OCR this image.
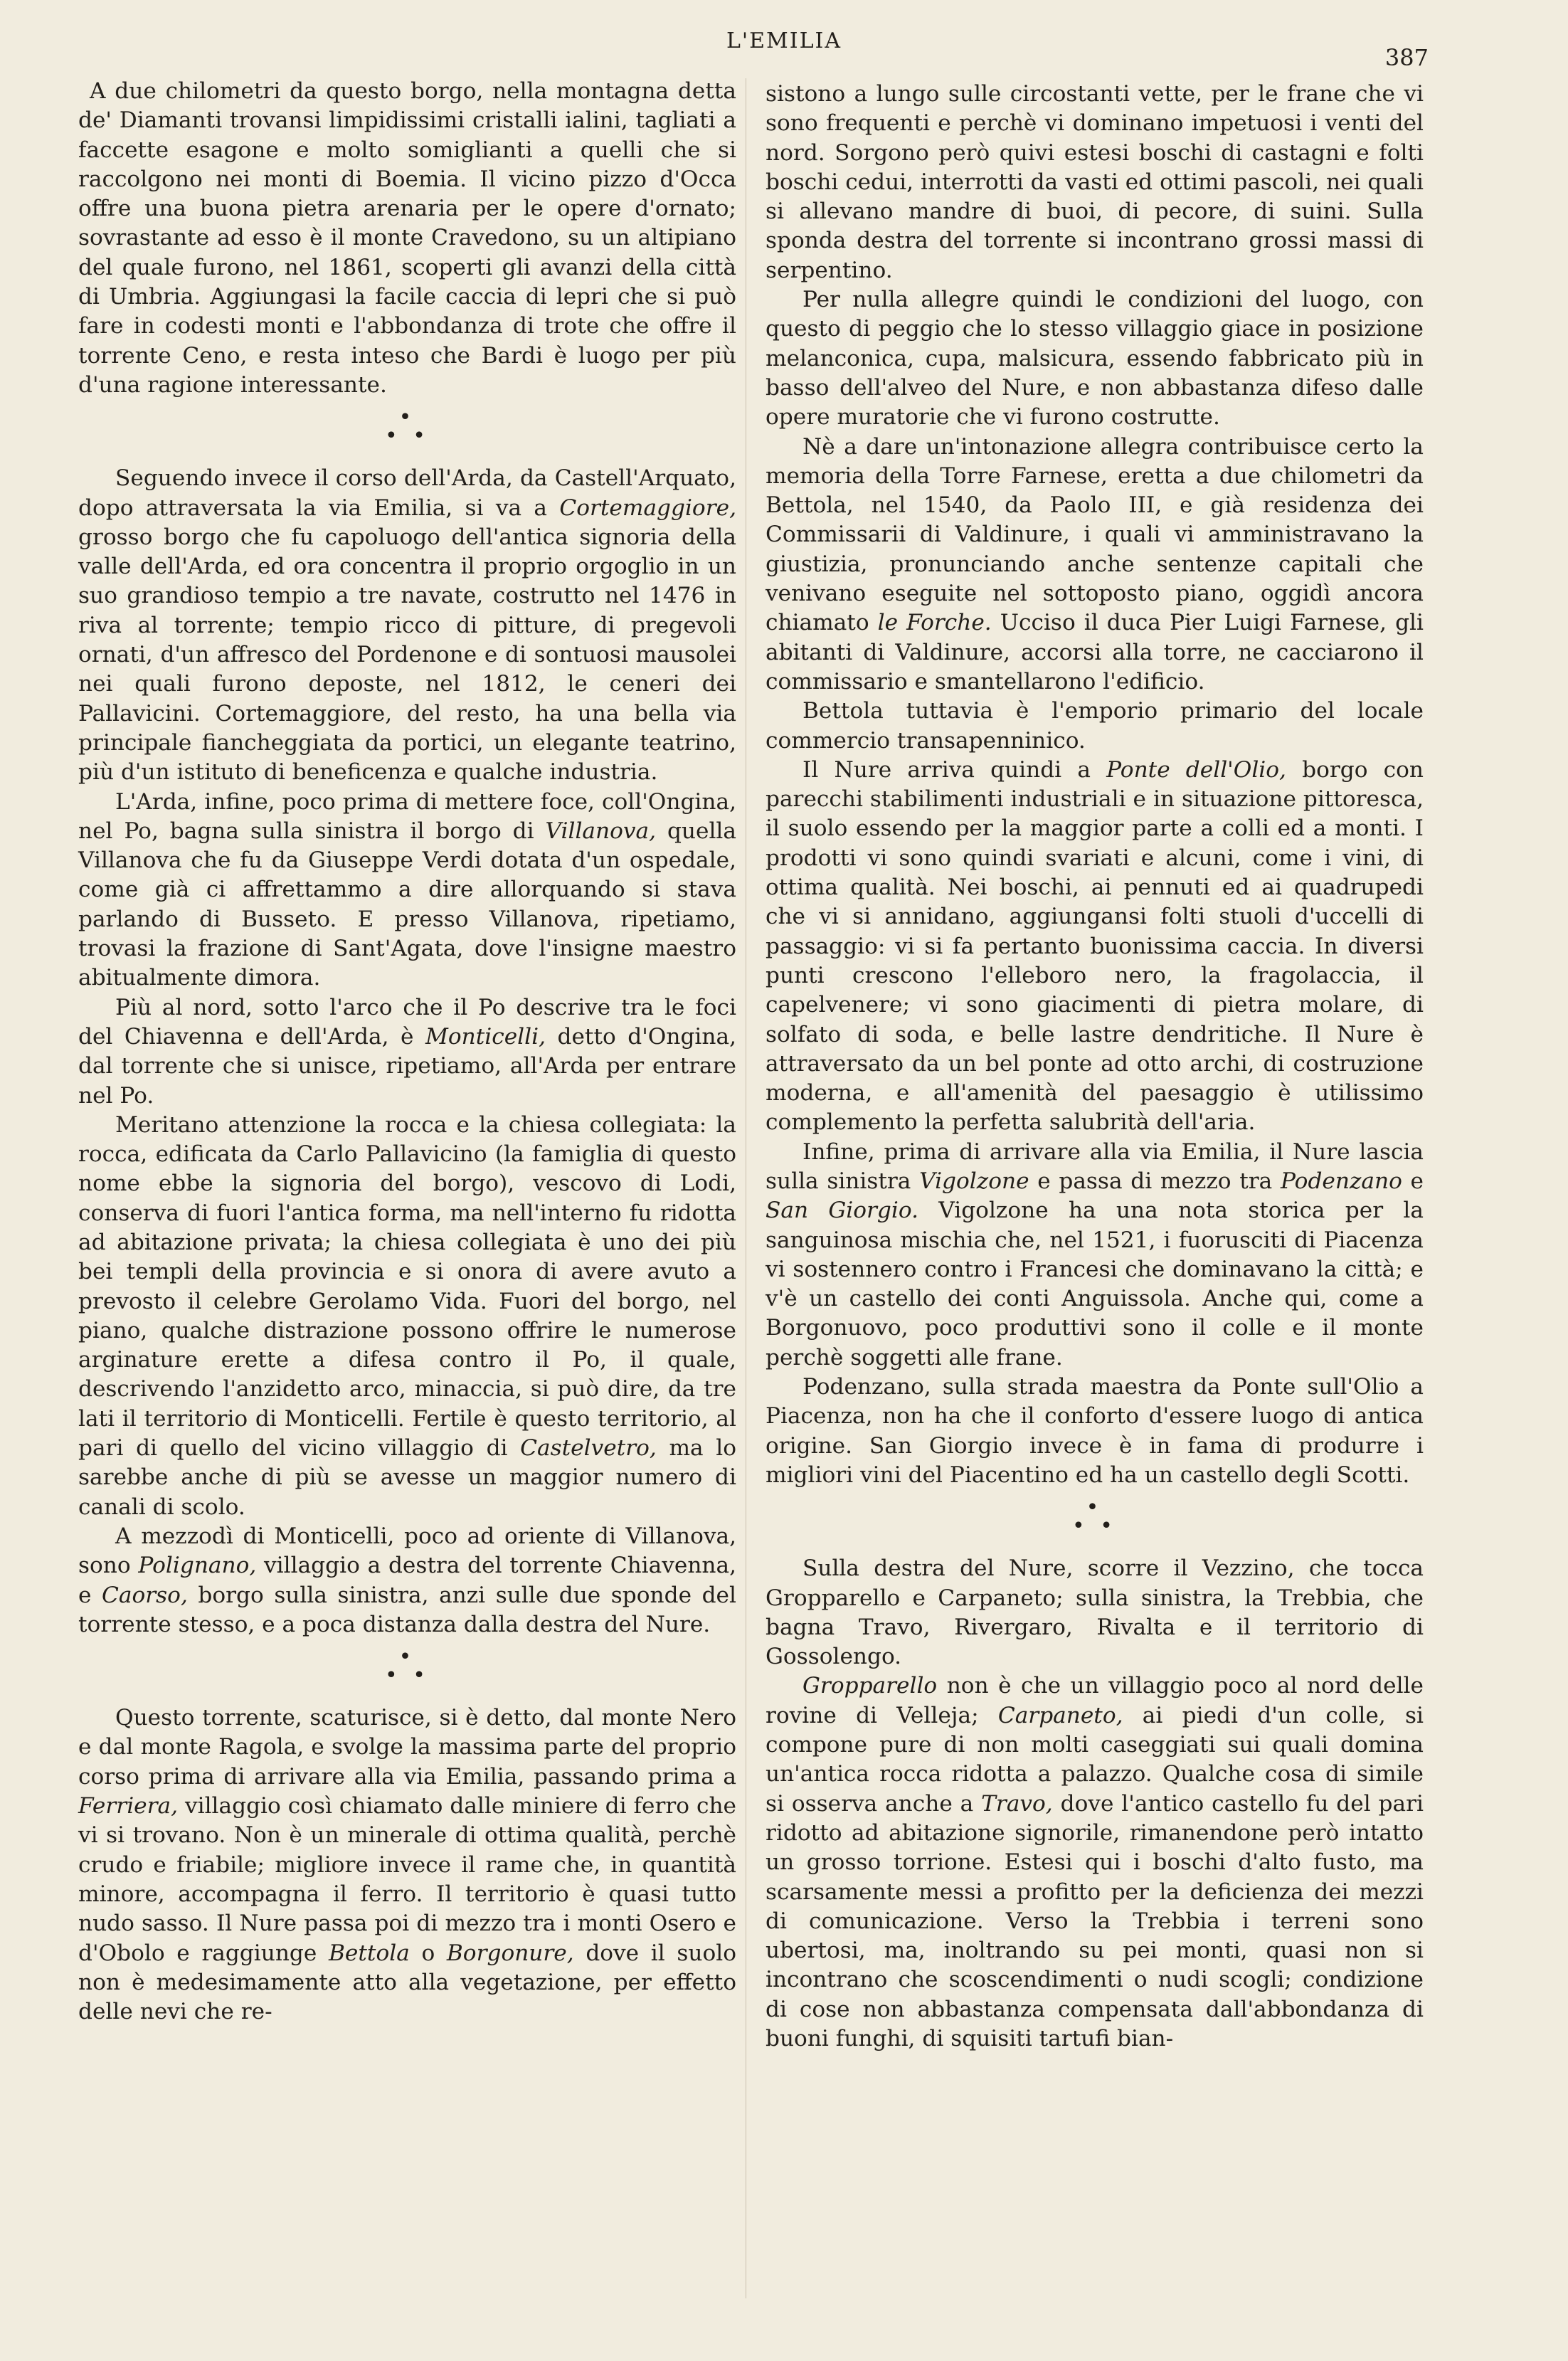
L'EMILIA
387

A due chilometri da questo borgo, nella montagna detta de' Diamanti trovansi limpidissimi cristalli ialini, tagliati a faccette esagone e molto somiglianti a quelli che si raccolgono nei monti di Boemia. Il vicino pizzo d'Occa offre una buona pietra arenaria per le opere d'ornato; sovrastante ad esso è il monte Cravedono, su un altipiano del quale furono, nel 1861, scoperti gli avanzi della città di Umbria. Aggiungasi la facile caccia di lepri che si può fare in codesti monti e l'abbondanza di trote che offre il torrente Ceno, e resta inteso che Bardi è luogo per più d'una ragione interessante.

•
• •

Seguendo invece il corso dell'Arda, da Castell'Arquato, dopo attraversata la via Emilia, si va a Cortemaggiore, grosso borgo che fu capoluogo dell'antica signoria della valle dell'Arda, ed ora concentra il proprio orgoglio in un suo grandioso tempio a tre navate, costrutto nel 1476 in riva al torrente; tempio ricco di pitture, di pregevoli ornati, d'un affresco del Pordenone e di sontuosi mausolei nei quali furono deposte, nel 1812, le ceneri dei Pallavicini. Cortemaggiore, del resto, ha una bella via principale fiancheggiata da portici, un elegante teatrino, più d'un istituto di beneficenza e qualche industria.

L'Arda, infine, poco prima di mettere foce, coll'Ongina, nel Po, bagna sulla sinistra il borgo di Villanova, quella Villanova che fu da Giuseppe Verdi dotata d'un ospedale, come già ci affrettammo a dire allorquando si stava parlando di Busseto. E presso Villanova, ripetiamo, trovasi la frazione di Sant'Agata, dove l'insigne maestro abitualmente dimora.

Più al nord, sotto l'arco che il Po descrive tra le foci del Chiavenna e dell'Arda, è Monticelli, detto d'Ongina, dal torrente che si unisce, ripetiamo, all'Arda per entrare nel Po.

Meritano attenzione la rocca e la chiesa collegiata: la rocca, edificata da Carlo Pallavicino (la famiglia di questo nome ebbe la signoria del borgo), vescovo di Lodi, conserva di fuori l'antica forma, ma nell'interno fu ridotta ad abitazione privata; la chiesa collegiata è uno dei più bei templi della provincia e si onora di avere avuto a prevosto il celebre Gerolamo Vida. Fuori del borgo, nel piano, qualche distrazione possono offrire le numerose arginature erette a difesa contro il Po, il quale, descrivendo l'anzidetto arco, minaccia, si può dire, da tre lati il territorio di Monticelli. Fertile è questo territorio, al pari di quello del vicino villaggio di Castelvetro, ma lo sarebbe anche di più se avesse un maggior numero di canali di scolo.

A mezzodì di Monticelli, poco ad oriente di Villanova, sono Polignano, villaggio a destra del torrente Chiavenna, e Caorso, borgo sulla sinistra, anzi sulle due sponde del torrente stesso, e a poca distanza dalla destra del Nure.

•
• •

Questo torrente, scaturisce, si è detto, dal monte Nero e dal monte Ragola, e svolge la massima parte del proprio corso prima di arrivare alla via Emilia, passando prima a Ferriera, villaggio così chiamato dalle miniere di ferro che vi si trovano. Non è un minerale di ottima qualità, perchè crudo e friabile; migliore invece il rame che, in quantità minore, accompagna il ferro. Il territorio è quasi tutto nudo sasso. Il Nure passa poi di mezzo tra i monti Osero e d'Obolo e raggiunge Bettola o Borgonure, dove il suolo non è medesimamente atto alla vegetazione, per effetto delle nevi che re-

sistono a lungo sulle circostanti vette, per le frane che vi sono frequenti e perchè vi dominano impetuosi i venti del nord. Sorgono però quivi estesi boschi di castagni e folti boschi cedui, interrotti da vasti ed ottimi pascoli, nei quali si allevano mandre di buoi, di pecore, di suini. Sulla sponda destra del torrente si incontrano grossi massi di serpentino.

Per nulla allegre quindi le condizioni del luogo, con questo di peggio che lo stesso villaggio giace in posizione melanconica, cupa, malsicura, essendo fabbricato più in basso dell'alveo del Nure, e non abbastanza difeso dalle opere muratorie che vi furono costrutte.

Nè a dare un'intonazione allegra contribuisce certo la memoria della Torre Farnese, eretta a due chilometri da Bettola, nel 1540, da Paolo III, e già residenza dei Commissarii di Valdinure, i quali vi amministravano la giustizia, pronunciando anche sentenze capitali che venivano eseguite nel sottoposto piano, oggidì ancora chiamato le Forche. Ucciso il duca Pier Luigi Farnese, gli abitanti di Valdinure, accorsi alla torre, ne cacciarono il commissario e smantellarono l'edificio.

Bettola tuttavia è l'emporio primario del locale commercio transapenninico.

Il Nure arriva quindi a Ponte dell'Olio, borgo con parecchi stabilimenti industriali e in situazione pittoresca, il suolo essendo per la maggior parte a colli ed a monti. I prodotti vi sono quindi svariati e alcuni, come i vini, di ottima qualità. Nei boschi, ai pennuti ed ai quadrupedi che vi si annidano, aggiungansi folti stuoli d'uccelli di passaggio: vi si fa pertanto buonissima caccia. In diversi punti crescono l'elleboro nero, la fragolaccia, il capelvenere; vi sono giacimenti di pietra molare, di solfato di soda, e belle lastre dendritiche. Il Nure è attraversato da un bel ponte ad otto archi, di costruzione moderna, e all'amenità del paesaggio è utilissimo complemento la perfetta salubrità dell'aria.

Infine, prima di arrivare alla via Emilia, il Nure lascia sulla sinistra Vigolzone e passa di mezzo tra Podenzano e San Giorgio. Vigolzone ha una nota storica per la sanguinosa mischia che, nel 1521, i fuorusciti di Piacenza vi sostennero contro i Francesi che dominavano la città; e v'è un castello dei conti Anguissola. Anche qui, come a Borgonuovo, poco produttivi sono il colle e il monte perchè soggetti alle frane.

Podenzano, sulla strada maestra da Ponte sull'Olio a Piacenza, non ha che il conforto d'essere luogo di antica origine. San Giorgio invece è in fama di produrre i migliori vini del Piacentino ed ha un castello degli Scotti.

•
• •

Sulla destra del Nure, scorre il Vezzino, che tocca Gropparello e Carpaneto; sulla sinistra, la Trebbia, che bagna Travo, Rivergaro, Rivalta e il territorio di Gossolengo.

Gropparello non è che un villaggio poco al nord delle rovine di Velleja; Carpaneto, ai piedi d'un colle, si compone pure di non molti caseggiati sui quali domina un'antica rocca ridotta a palazzo. Qualche cosa di simile si osserva anche a Travo, dove l'antico castello fu del pari ridotto ad abitazione signorile, rimanendone però intatto un grosso torrione. Estesi qui i boschi d'alto fusto, ma scarsamente messi a profitto per la deficienza dei mezzi di comunicazione. Verso la Trebbia i terreni sono ubertosi, ma, inoltrando su pei monti, quasi non si incontrano che scoscendimenti o nudi scogli; condizione di cose non abbastanza compensata dall'abbondanza di buoni funghi, di squisiti tartufi bian-
